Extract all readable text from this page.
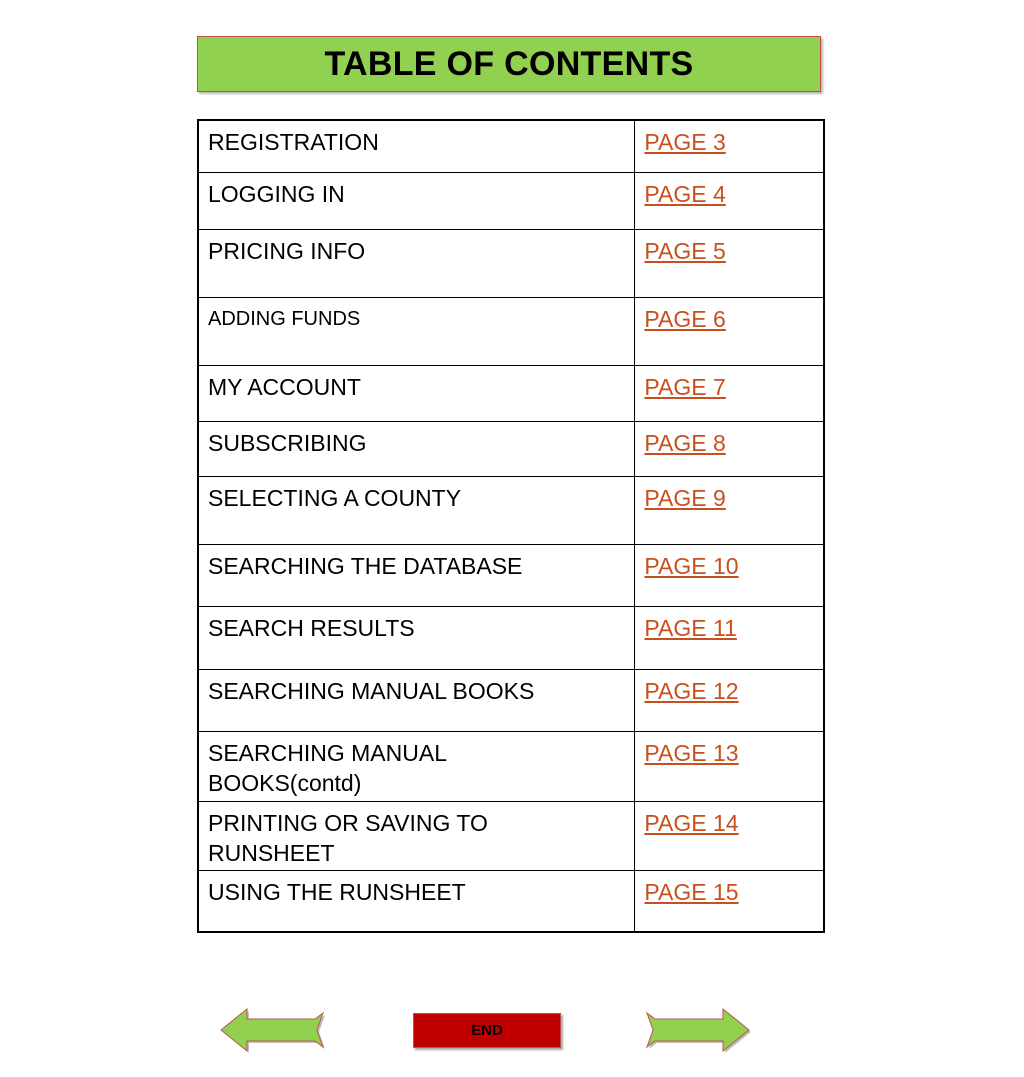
TABLE OF CONTENTS
REGISTRATION	PAGE 3
LOGGING IN	PAGE 4
PRICING INFO	PAGE 5
ADDING FUNDS	PAGE 6
MY ACCOUNT	PAGE 7
SUBSCRIBING	PAGE 8
SELECTING A COUNTY	PAGE 9
SEARCHING THE DATABASE	PAGE 10
SEARCH RESULTS	PAGE 11
SEARCHING MANUAL BOOKS	PAGE 12
SEARCHING MANUAL BOOKS(contd)	PAGE 13
PRINTING OR SAVING TO RUNSHEET	PAGE 14
USING THE RUNSHEET	PAGE 15
END
